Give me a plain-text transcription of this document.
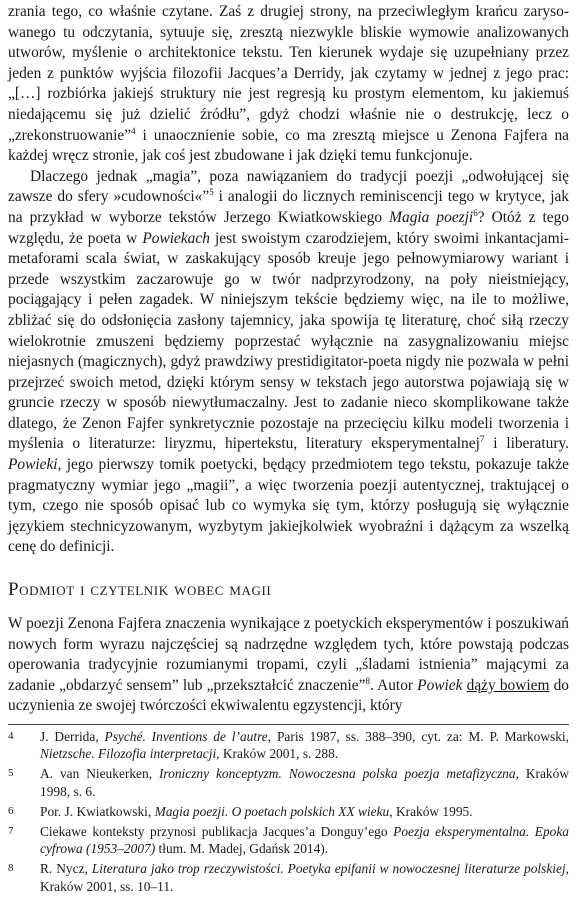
zrania tego, co właśnie czytane. Zaś z drugiej strony, na przeciwległym krańcu zarysowanego tu odczytania, sytuuje się, zresztą niezwykle bliskie wymowie analizowanych utworów, myślenie o architektonice tekstu. Ten kierunek wydaje się uzupełniany przez jeden z punktów wyjścia filozofii Jacques’a Derridy, jak czytamy w jednej z jego prac: „[…] rozbiórka jakiejś struktury nie jest regresją ku prostym elementom, ku jakiemuś niedającemu się już dzielić źródłu”, gdyż chodzi właśnie nie o destrukcję, lecz o „zrekonstruowanie”$^4$ i unaocznienie sobie, co ma zresztą miejsce u Zenona Fajfera na każdej wręcz stronie, jak coś jest zbudowane i jak dzięki temu funkcjonuje.

Dlaczego jednak „magia”, poza nawiązaniem do tradycji poezji „odwołującej się zawsze do sfery »cudowności«”$^5$ i analogii do licznych reminiscencji tego w krytyce, jak na przykład w wyborze tekstów Jerzego Kwiatkowskiego Magia poezji$^6$? Otóż z tego względu, że poeta w Powiekach jest swoistym czarodziejem, który swoimi inkantacjami-metaforami scala świat, w zaskakujący sposób kreuje jego pełnowymiarowy wariant i przede wszystkim zaczarowuje go w twór nadprzyrodzony, na poły nieistniejący, pociągający i pełen zagadek. W niniejszym tekście będziemy więc, na ile to możliwe, zbliżać się do odsłonięcia zasłony tajemnicy, jaka spowija tę literaturę, choć siłą rzeczy wielokrotnie zmuszeni będziemy poprzestać wyłącznie na zasygnalizowaniu miejsc niejasnych (magicznych), gdyż prawdziwy prestidigitator-poeta nigdy nie pozwala w pełni przejrzeć swoich metod, dzięki którym sensy w tekstach jego autorstwa pojawiają się w gruncie rzeczy w sposób niewytłumaczalny. Jest to zadanie nieco skomplikowane także dlatego, że Zenon Fajfer synkretycznie pozostaje na przecięciu kilku modeli tworzenia i myślenia o literaturze: liryzmu, hipertekstu, literatury eksperymentalnej$^7$ i liberatury. Powieki, jego pierwszy tomik poetycki, będący przedmiotem tego tekstu, pokazuje także pragmatyczny wymiar jego „magii”, a więc tworzenia poezji autentycznej, traktującej o tym, czego nie sposób opisać lub co wymyka się tym, którzy posługują się wyłącznie językiem stechnicyzowanym, wyzbytym jakiejkolwiek wyobraźni i dążącym za wszelką cenę do definicji.

Podmiot i czytelnik wobec magii

W poezji Zenona Fajfera znaczenia wynikające z poetyckich eksperymentów i poszukiwań nowych form wyrazu najczęściej są nadrzędne względem tych, które powstają podczas operowania tradycyjnie rozumianymi tropami, czyli „śladami istnienia” mającymi za zadanie „obdarzyć sensem” lub „przekształcić znaczenie”$^8$. Autor Powiek dąży bowiem do uczynienia ze swojej twórczości ekwiwalentu egzystencji, który

4 J. Derrida, Psyché. Inventions de l’autre, Paris 1987, ss. 388–390, cyt. za: M. P. Markowski, Nietzsche. Filozofia interpretacji, Kraków 2001, s. 288.
5 A. van Nieukerken, Ironiczny konceptyzm. Nowoczesna polska poezja metafizyczna, Kraków 1998, s. 6.
6 Por. J. Kwiatkowski, Magia poezji. O poetach polskich XX wieku, Kraków 1995.
7 Ciekawe konteksty przynosi publikacja Jacques’a Donguy’ego Poezja eksperymentalna. Epoka cyfrowa (1953–2007) tłum. M. Madej, Gdańsk 2014).
8 R. Nycz, Literatura jako trop rzeczywistości. Poetyka epifanii w nowoczesnej literaturze polskiej, Kraków 2001, ss. 10–11.
